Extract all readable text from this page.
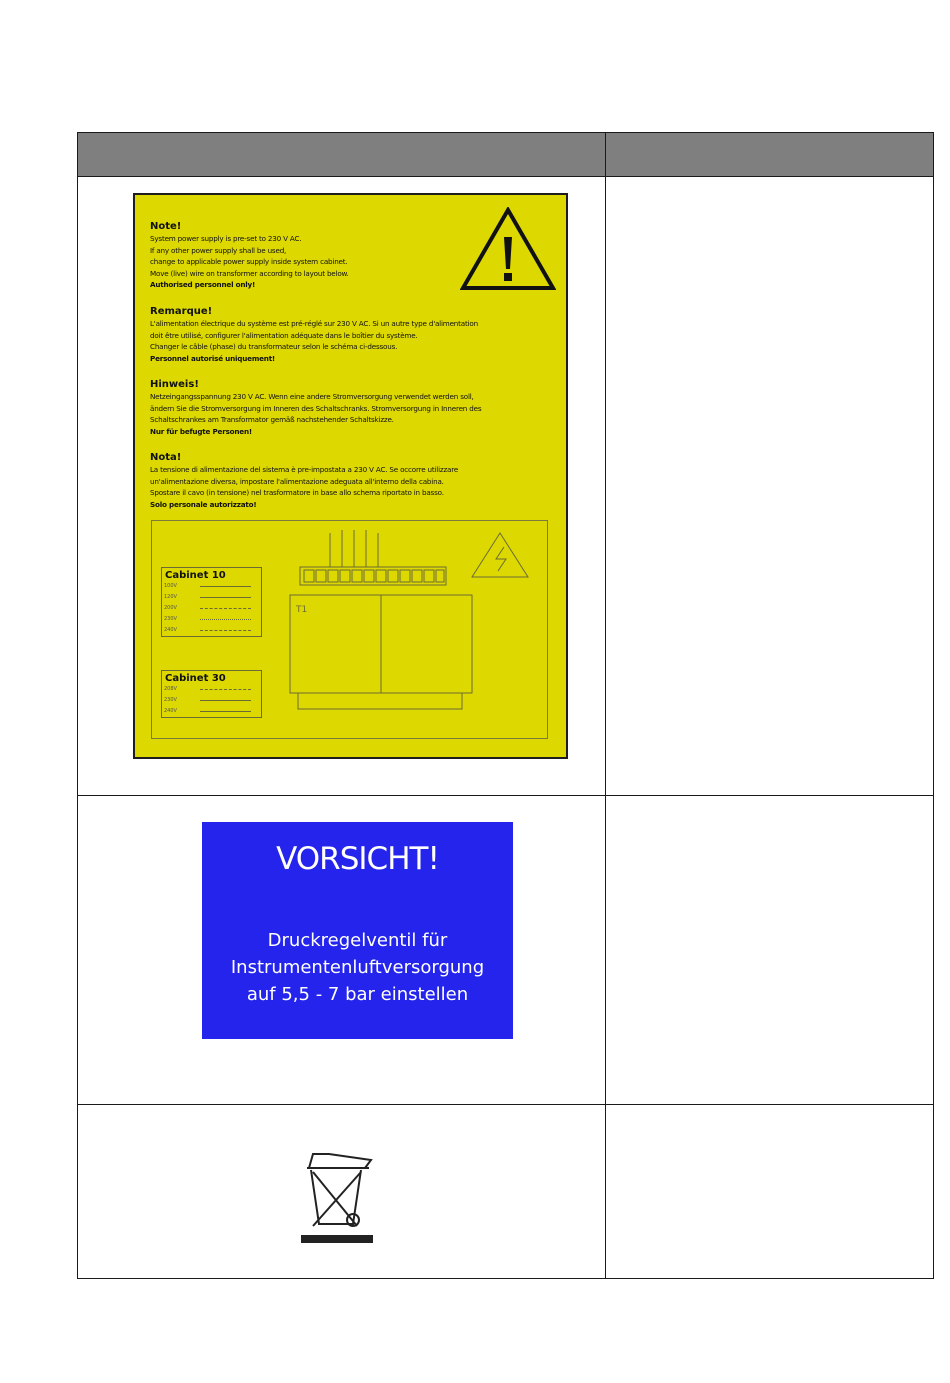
Note!
System power supply is pre-set to 230 V AC.
If any other power supply shall be used,
change to applicable power supply inside system cabinet.
Move (live) wire on transformer according to layout below.
Authorised personnel only!
Remarque!
L'alimentation électrique du système est pré-réglé sur 230 V AC. Si un autre type d'alimentation
doit être utilisé, configurer l'alimentation adéquate dans le boîtier du système.
Changer le câble (phase) du transformateur selon le schéma ci-dessous.
Personnel autorisé uniquement!
Hinweis!
Netzeingangsspannung 230 V AC. Wenn eine andere Stromversorgung verwendet werden soll,
ändern Sie die Stromversorgung im Inneren des Schaltschranks. Stromversorgung in Inneren des
Schaltschrankes am Transformator gemäß nachstehender Schaltskizze.
Nur für befugte Personen!
Nota!
La tensione di alimentazione del sistema è pre-impostata a 230 V AC. Se occorre utilizzare
un'alimentazione diversa, impostare l'alimentazione adeguata all'interno della cabina.
Spostare il cavo (in tensione) nel trasformatore in base allo schema riportato in basso.
Solo personale autorizzato!
Cabinet 10
100V
120V
200V
230V
240V
Cabinet 30
208V
230V
240V
T1
VORSICHT!
Druckregelventil für
Instrumentenluftversorgung
auf 5,5 - 7 bar einstellen
